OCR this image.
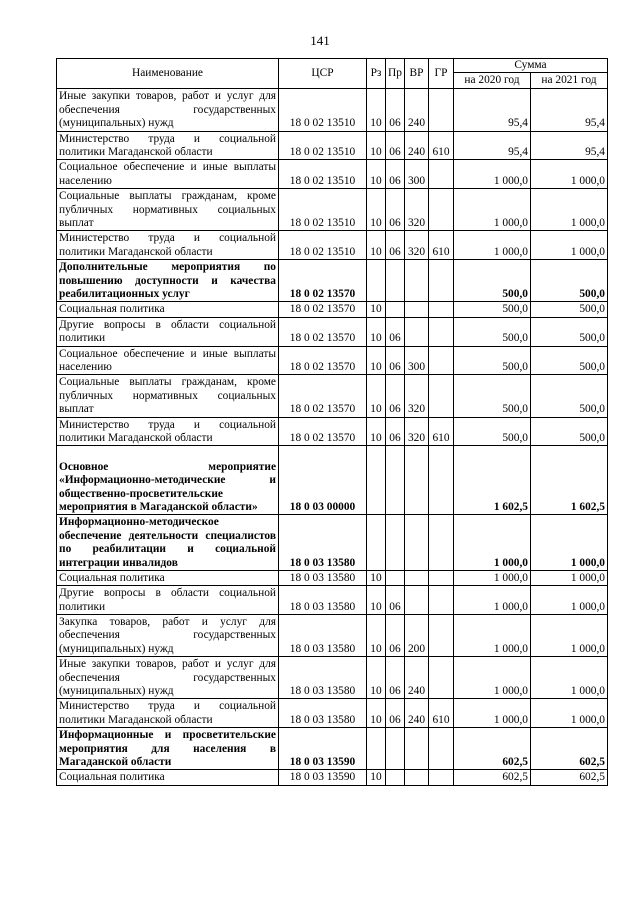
141
Наименование	ЦСР	Рз	Пр	ВР	ГР	Сумма	
						на 2020 год	на 2021 год
Иные закупки товаров, работ и услуг для обеспечения государственных (муниципальных) нужд	18 0 02 13510	10	06	240		95,4	95,4
Министерство труда и социальной политики Магаданской области	18 0 02 13510	10	06	240	610	95,4	95,4
Социальное обеспечение и иные выплаты населению	18 0 02 13510	10	06	300		1 000,0	1 000,0
Социальные выплаты гражданам, кроме публичных нормативных социальных выплат	18 0 02 13510	10	06	320		1 000,0	1 000,0
Министерство труда и социальной политики Магаданской области	18 0 02 13510	10	06	320	610	1 000,0	1 000,0
Дополнительные мероприятия по повышению доступности и качества реабилитационных услуг	18 0 02 13570					500,0	500,0
Социальная политика	18 0 02 13570	10				500,0	500,0
Другие вопросы в области социальной политики	18 0 02 13570	10	06			500,0	500,0
Социальное обеспечение и иные выплаты населению	18 0 02 13570	10	06	300		500,0	500,0
Социальные выплаты гражданам, кроме публичных нормативных социальных выплат	18 0 02 13570	10	06	320		500,0	500,0
Министерство труда и социальной политики Магаданской области	18 0 02 13570	10	06	320	610	500,0	500,0
Основное мероприятие «Информационно-методические и общественно-просветительские мероприятия в Магаданской области»	18 0 03 00000					1 602,5	1 602,5
Информационно-методическое обеспечение деятельности специалистов по реабилитации и социальной интеграции инвалидов	18 0 03 13580					1 000,0	1 000,0
Социальная политика	18 0 03 13580	10				1 000,0	1 000,0
Другие вопросы в области социальной политики	18 0 03 13580	10	06			1 000,0	1 000,0
Закупка товаров, работ и услуг для обеспечения государственных (муниципальных) нужд	18 0 03 13580	10	06	200		1 000,0	1 000,0
Иные закупки товаров, работ и услуг для обеспечения государственных (муниципальных) нужд	18 0 03 13580	10	06	240		1 000,0	1 000,0
Министерство труда и социальной политики Магаданской области	18 0 03 13580	10	06	240	610	1 000,0	1 000,0
Информационные и просветительские мероприятия для населения в Магаданской области	18 0 03 13590					602,5	602,5
Социальная политика	18 0 03 13590	10				602,5	602,5
